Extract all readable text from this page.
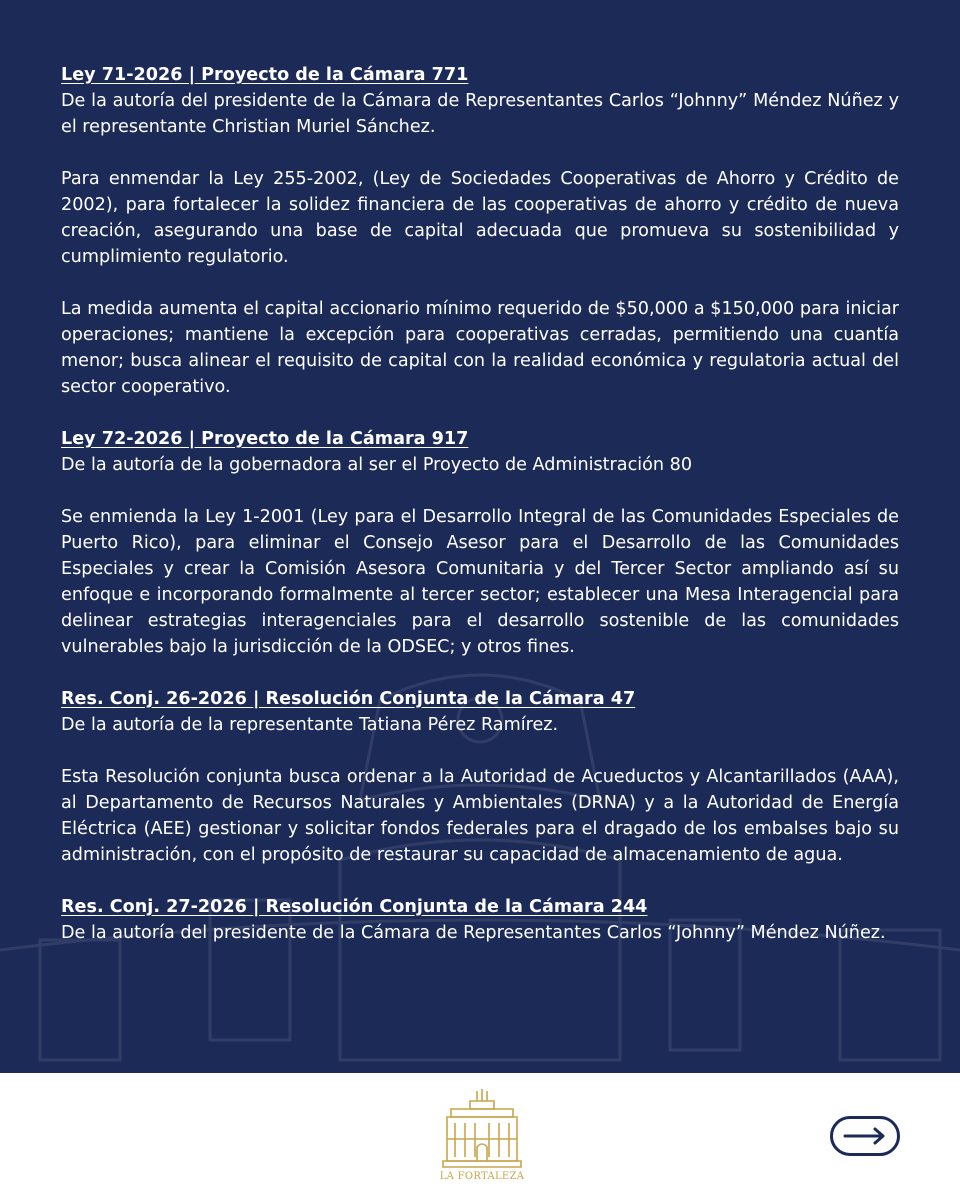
Ley 71-2026 | Proyecto de la Cámara 771
De la autoría del presidente de la Cámara de Representantes Carlos “Johnny” Méndez Núñez y el representante Christian Muriel Sánchez.
Para enmendar la Ley 255-2002, (Ley de Sociedades Cooperativas de Ahorro y Crédito de 2002), para fortalecer la solidez financiera de las cooperativas de ahorro y crédito de nueva creación, asegurando una base de capital adecuada que promueva su sostenibilidad y cumplimiento regulatorio.
La medida aumenta el capital accionario mínimo requerido de $50,000 a $150,000 para iniciar operaciones; mantiene la excepción para cooperativas cerradas, permitiendo una cuantía menor; busca alinear el requisito de capital con la realidad económica y regulatoria actual del sector cooperativo.
Ley 72-2026 | Proyecto de la Cámara 917
De la autoría de la gobernadora al ser el Proyecto de Administración 80
Se enmienda la Ley 1-2001 (Ley para el Desarrollo Integral de las Comunidades Especiales de Puerto Rico), para eliminar el Consejo Asesor para el Desarrollo de las Comunidades Especiales y crear la Comisión Asesora Comunitaria y del Tercer Sector ampliando así su enfoque e incorporando formalmente al tercer sector; establecer una Mesa Interagencial para delinear estrategias interagenciales para el desarrollo sostenible de las comunidades vulnerables bajo la jurisdicción de la ODSEC; y otros fines.
Res. Conj. 26-2026 | Resolución Conjunta de la Cámara 47
De la autoría de la representante Tatiana Pérez Ramírez.
Esta Resolución conjunta busca ordenar a la Autoridad de Acueductos y Alcantarillados (AAA), al Departamento de Recursos Naturales y Ambientales (DRNA) y a la Autoridad de Energía Eléctrica (AEE) gestionar y solicitar fondos federales para el dragado de los embalses bajo su administración, con el propósito de restaurar su capacidad de almacenamiento de agua.
Res. Conj. 27-2026 | Resolución Conjunta de la Cámara 244
De la autoría del presidente de la Cámara de Representantes Carlos “Johnny” Méndez Núñez.
LA FORTALEZA
